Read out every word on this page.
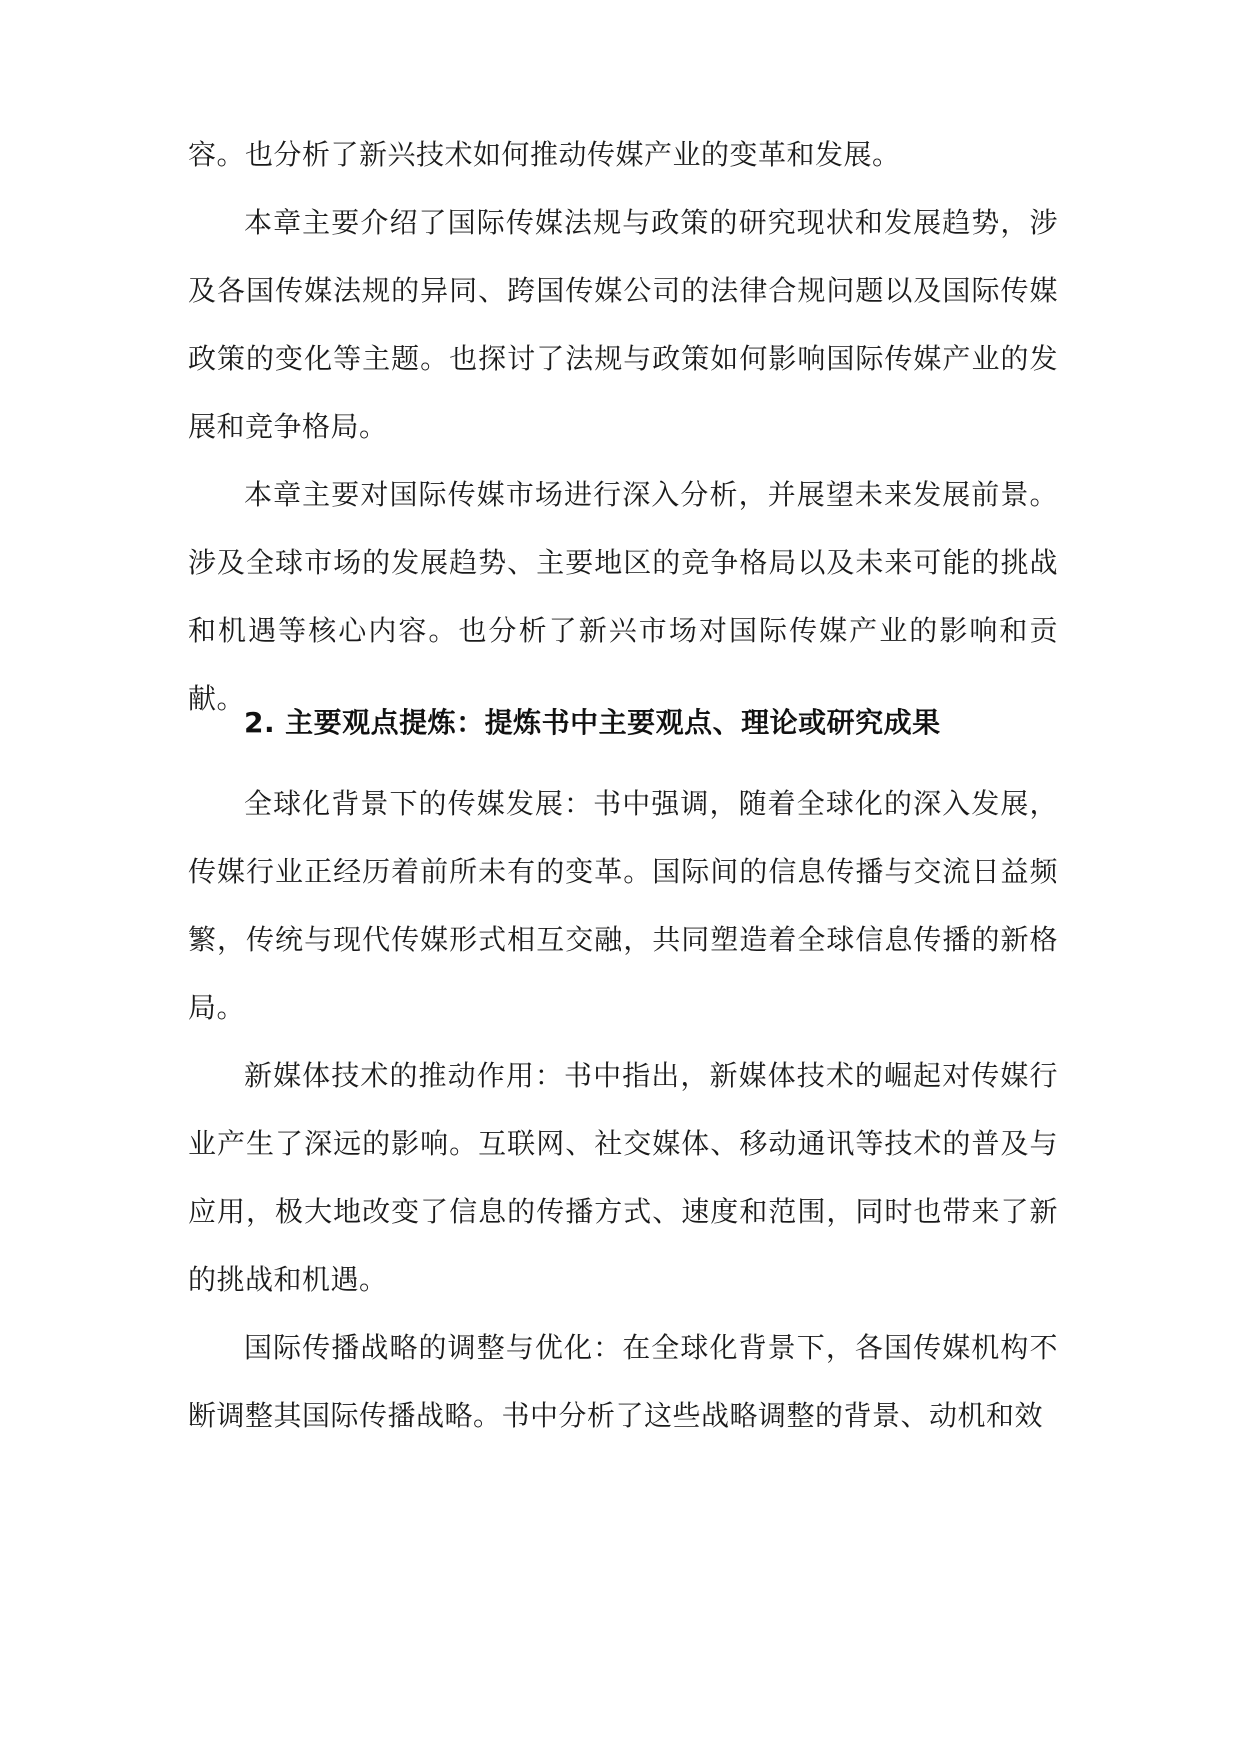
容。也分析了新兴技术如何推动传媒产业的变革和发展。
本章主要介绍了国际传媒法规与政策的研究现状和发展趋势，涉及各国传媒法规的异同、跨国传媒公司的法律合规问题以及国际传媒政策的变化等主题。也探讨了法规与政策如何影响国际传媒产业的发展和竞争格局。
本章主要对国际传媒市场进行深入分析，并展望未来发展前景。涉及全球市场的发展趋势、主要地区的竞争格局以及未来可能的挑战和机遇等核心内容。也分析了新兴市场对国际传媒产业的影响和贡献。
2. 主要观点提炼：提炼书中主要观点、理论或研究成果
全球化背景下的传媒发展：书中强调，随着全球化的深入发展，传媒行业正经历着前所未有的变革。国际间的信息传播与交流日益频繁，传统与现代传媒形式相互交融，共同塑造着全球信息传播的新格局。
新媒体技术的推动作用：书中指出，新媒体技术的崛起对传媒行业产生了深远的影响。互联网、社交媒体、移动通讯等技术的普及与应用，极大地改变了信息的传播方式、速度和范围，同时也带来了新的挑战和机遇。
国际传播战略的调整与优化：在全球化背景下，各国传媒机构不断调整其国际传播战略。书中分析了这些战略调整的背景、动机和效
